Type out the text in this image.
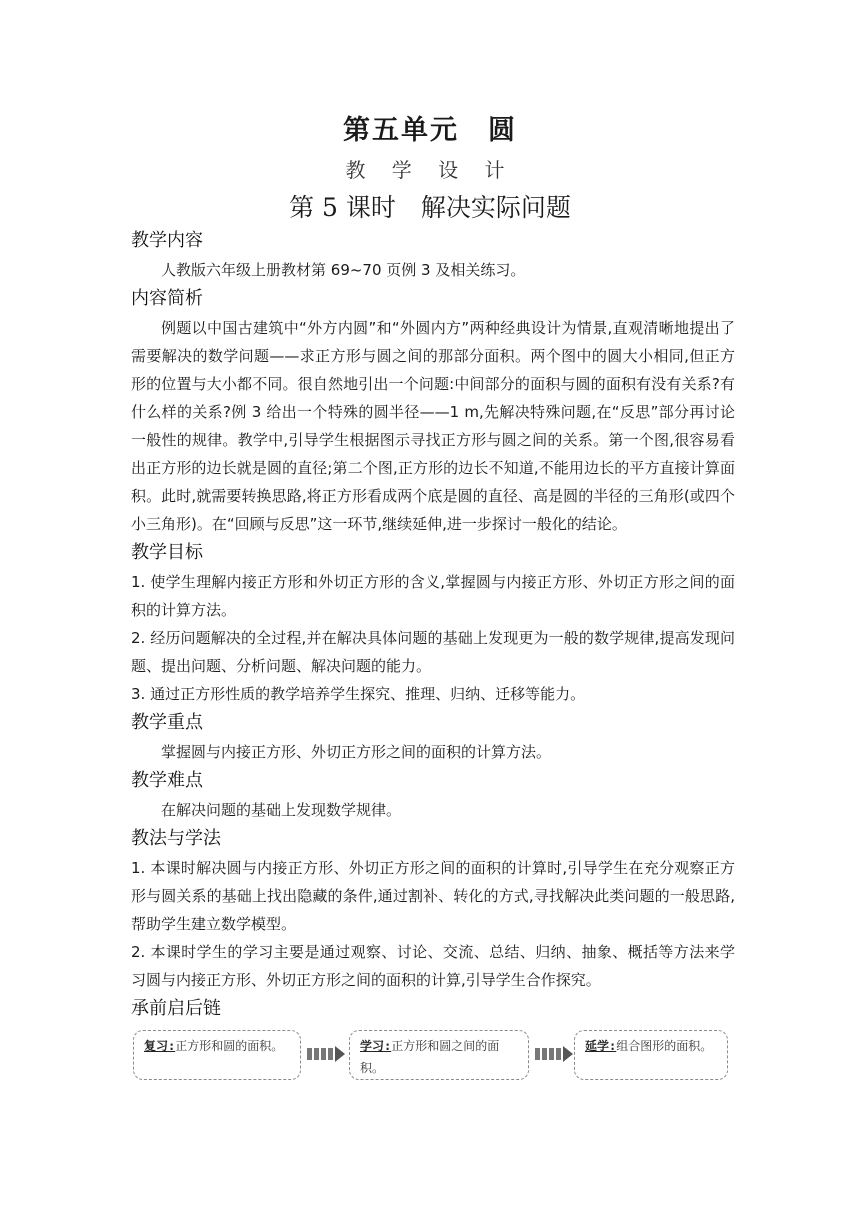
第五单元　圆
教 学 设 计
第 5 课时　解决实际问题
教学内容

人教版六年级上册教材第 69~70 页例 3 及相关练习。

内容简析

例题以中国古建筑中“外方内圆”和“外圆内方”两种经典设计为情景,直观清晰地提出了需要解决的数学问题——求正方形与圆之间的那部分面积。两个图中的圆大小相同,但正方形的位置与大小都不同。很自然地引出一个问题:中间部分的面积与圆的面积有没有关系?有什么样的关系?例 3 给出一个特殊的圆半径——1 m,先解决特殊问题,在“反思”部分再讨论一般性的规律。教学中,引导学生根据图示寻找正方形与圆之间的关系。第一个图,很容易看出正方形的边长就是圆的直径;第二个图,正方形的边长不知道,不能用边长的平方直接计算面积。此时,就需要转换思路,将正方形看成两个底是圆的直径、高是圆的半径的三角形(或四个小三角形)。在“回顾与反思”这一环节,继续延伸,进一步探讨一般化的结论。

教学目标

1. 使学生理解内接正方形和外切正方形的含义,掌握圆与内接正方形、外切正方形之间的面积的计算方法。

2. 经历问题解决的全过程,并在解决具体问题的基础上发现更为一般的数学规律,提高发现问题、提出问题、分析问题、解决问题的能力。

3. 通过正方形性质的教学培养学生探究、推理、归纳、迁移等能力。

教学重点

掌握圆与内接正方形、外切正方形之间的面积的计算方法。

教学难点

在解决问题的基础上发现数学规律。

教法与学法

1. 本课时解决圆与内接正方形、外切正方形之间的面积的计算时,引导学生在充分观察正方形与圆关系的基础上找出隐藏的条件,通过割补、转化的方式,寻找解决此类问题的一般思路,帮助学生建立数学模型。

2. 本课时学生的学习主要是通过观察、讨论、交流、总结、归纳、抽象、概括等方法来学习圆与内接正方形、外切正方形之间的面积的计算,引导学生合作探究。

承前启后链
复习:正方形和圆的面积。	学习:正方形和圆之间的面积。
延学:组合图形的面积。
